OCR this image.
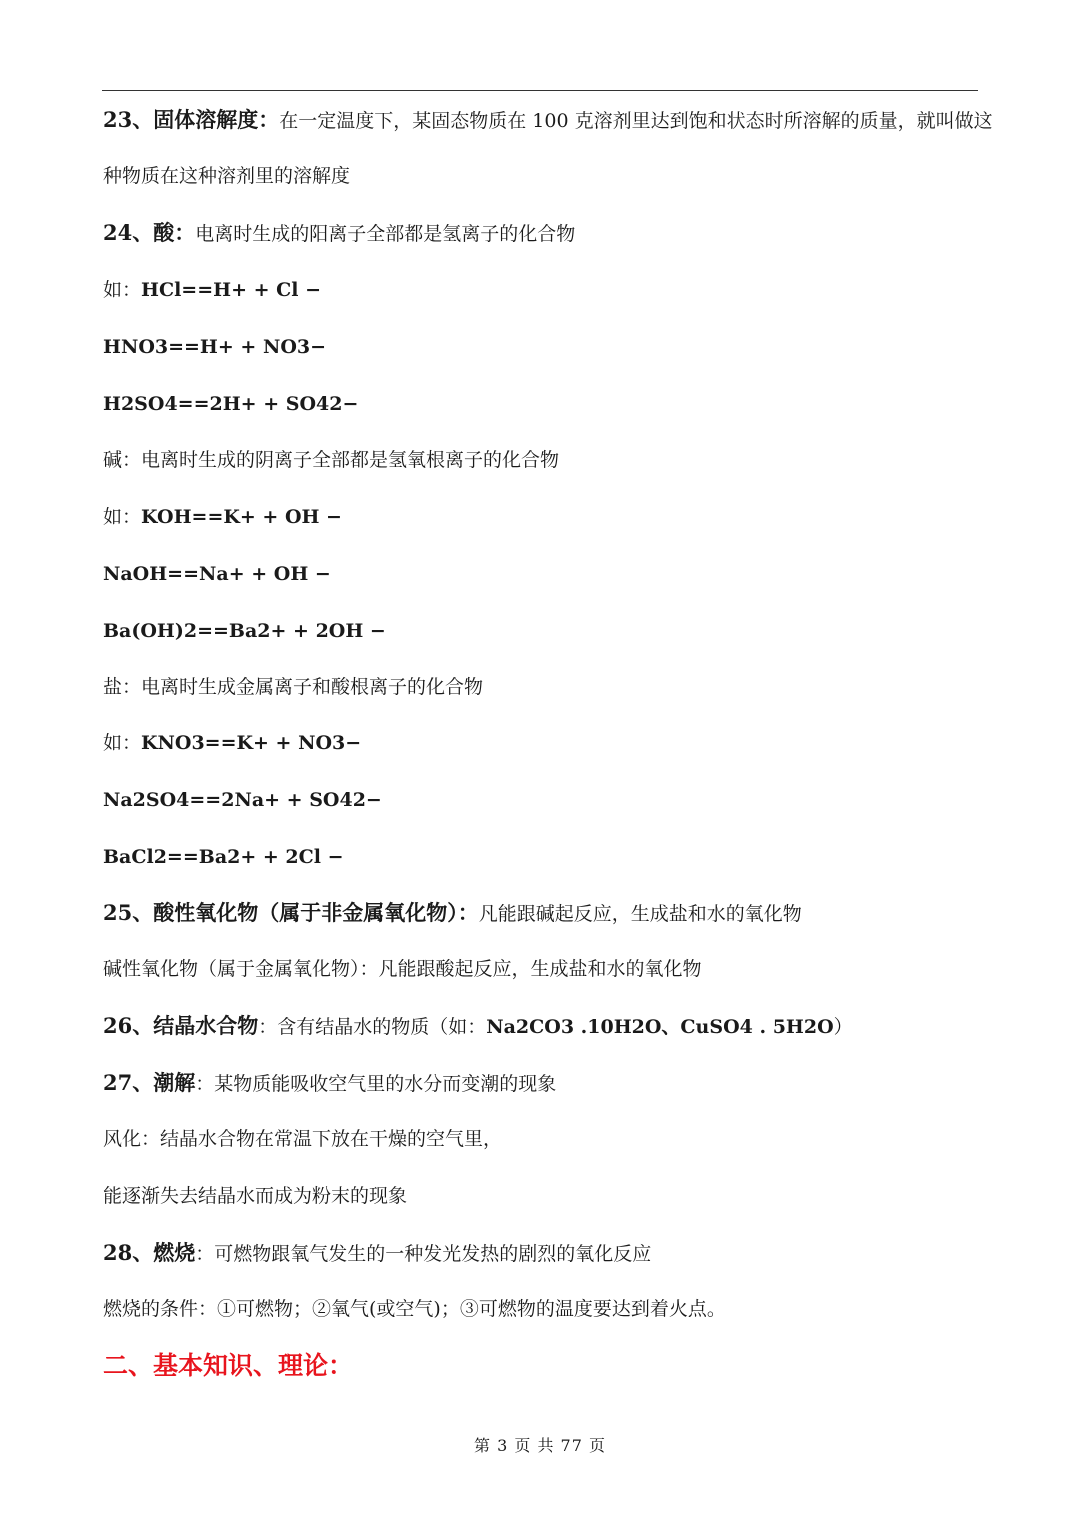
23、固体溶解度：在一定温度下，某固态物质在 100 克溶剂里达到饱和状态时所溶解的质量，就叫做这
种物质在这种溶剂里的溶解度
24、酸：电离时生成的阳离子全部都是氢离子的化合物
如：HCl==H+ + Cl −
HNO3==H+ + NO3−
H2SO4==2H+ + SO42−
碱：电离时生成的阴离子全部都是氢氧根离子的化合物
如：KOH==K+ + OH −
NaOH==Na+ + OH −
Ba(OH)2==Ba2+ + 2OH −
盐：电离时生成金属离子和酸根离子的化合物
如：KNO3==K+ + NO3−
Na2SO4==2Na+ + SO42−
BaCl2==Ba2+ + 2Cl −
25、酸性氧化物（属于非金属氧化物）：凡能跟碱起反应，生成盐和水的氧化物
碱性氧化物（属于金属氧化物）：凡能跟酸起反应，生成盐和水的氧化物
26、结晶水合物：含有结晶水的物质（如：Na2CO3 .10H2O、CuSO4 . 5H2O）
27、潮解：某物质能吸收空气里的水分而变潮的现象
风化：结晶水合物在常温下放在干燥的空气里，
能逐渐失去结晶水而成为粉末的现象
28、燃烧：可燃物跟氧气发生的一种发光发热的剧烈的氧化反应
燃烧的条件：①可燃物；②氧气(或空气)；③可燃物的温度要达到着火点。
二、基本知识、理论：
第 3 页 共 77 页
